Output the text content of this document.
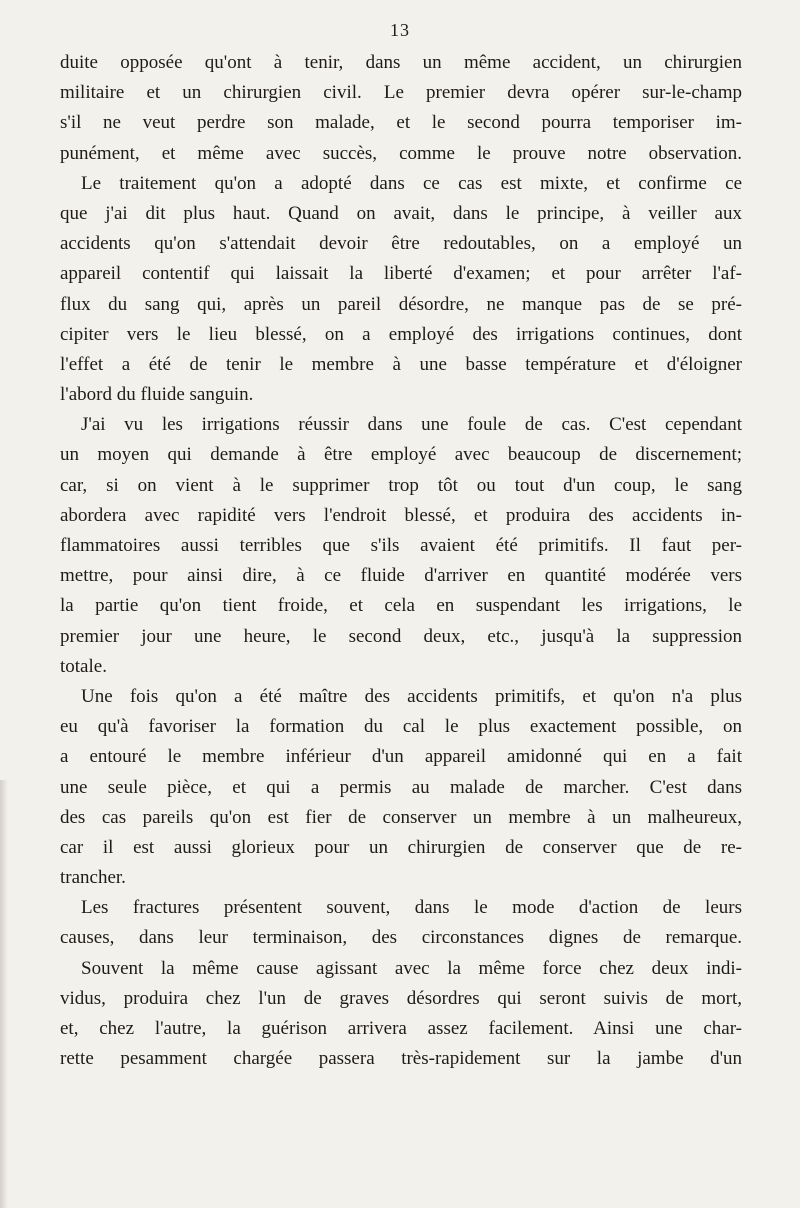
13
duite opposée qu'ont à tenir, dans un même accident, un chirurgien
militaire et un chirurgien civil. Le premier devra opérer sur-le-champ
s'il ne veut perdre son malade, et le second pourra temporiser im-
punément, et même avec succès, comme le prouve notre observation.
Le traitement qu'on a adopté dans ce cas est mixte, et confirme ce
que j'ai dit plus haut. Quand on avait, dans le principe, à veiller aux
accidents qu'on s'attendait devoir être redoutables, on a employé un
appareil contentif qui laissait la liberté d'examen; et pour arrêter l'af-
flux du sang qui, après un pareil désordre, ne manque pas de se pré-
cipiter vers le lieu blessé, on a employé des irrigations continues, dont
l'effet a été de tenir le membre à une basse température et d'éloigner
l'abord du fluide sanguin.
J'ai vu les irrigations réussir dans une foule de cas. C'est cependant
un moyen qui demande à être employé avec beaucoup de discernement;
car, si on vient à le supprimer trop tôt ou tout d'un coup, le sang
abordera avec rapidité vers l'endroit blessé, et produira des accidents in-
flammatoires aussi terribles que s'ils avaient été primitifs. Il faut per-
mettre, pour ainsi dire, à ce fluide d'arriver en quantité modérée vers
la partie qu'on tient froide, et cela en suspendant les irrigations, le
premier jour une heure, le second deux, etc., jusqu'à la suppression
totale.
Une fois qu'on a été maître des accidents primitifs, et qu'on n'a plus
eu qu'à favoriser la formation du cal le plus exactement possible, on
a entouré le membre inférieur d'un appareil amidonné qui en a fait
une seule pièce, et qui a permis au malade de marcher. C'est dans
des cas pareils qu'on est fier de conserver un membre à un malheureux,
car il est aussi glorieux pour un chirurgien de conserver que de re-
trancher.
Les fractures présentent souvent, dans le mode d'action de leurs
causes, dans leur terminaison, des circonstances dignes de remarque.
Souvent la même cause agissant avec la même force chez deux indi-
vidus, produira chez l'un de graves désordres qui seront suivis de mort,
et, chez l'autre, la guérison arrivera assez facilement. Ainsi une char-
rette pesamment chargée passera très-rapidement sur la jambe d'un
